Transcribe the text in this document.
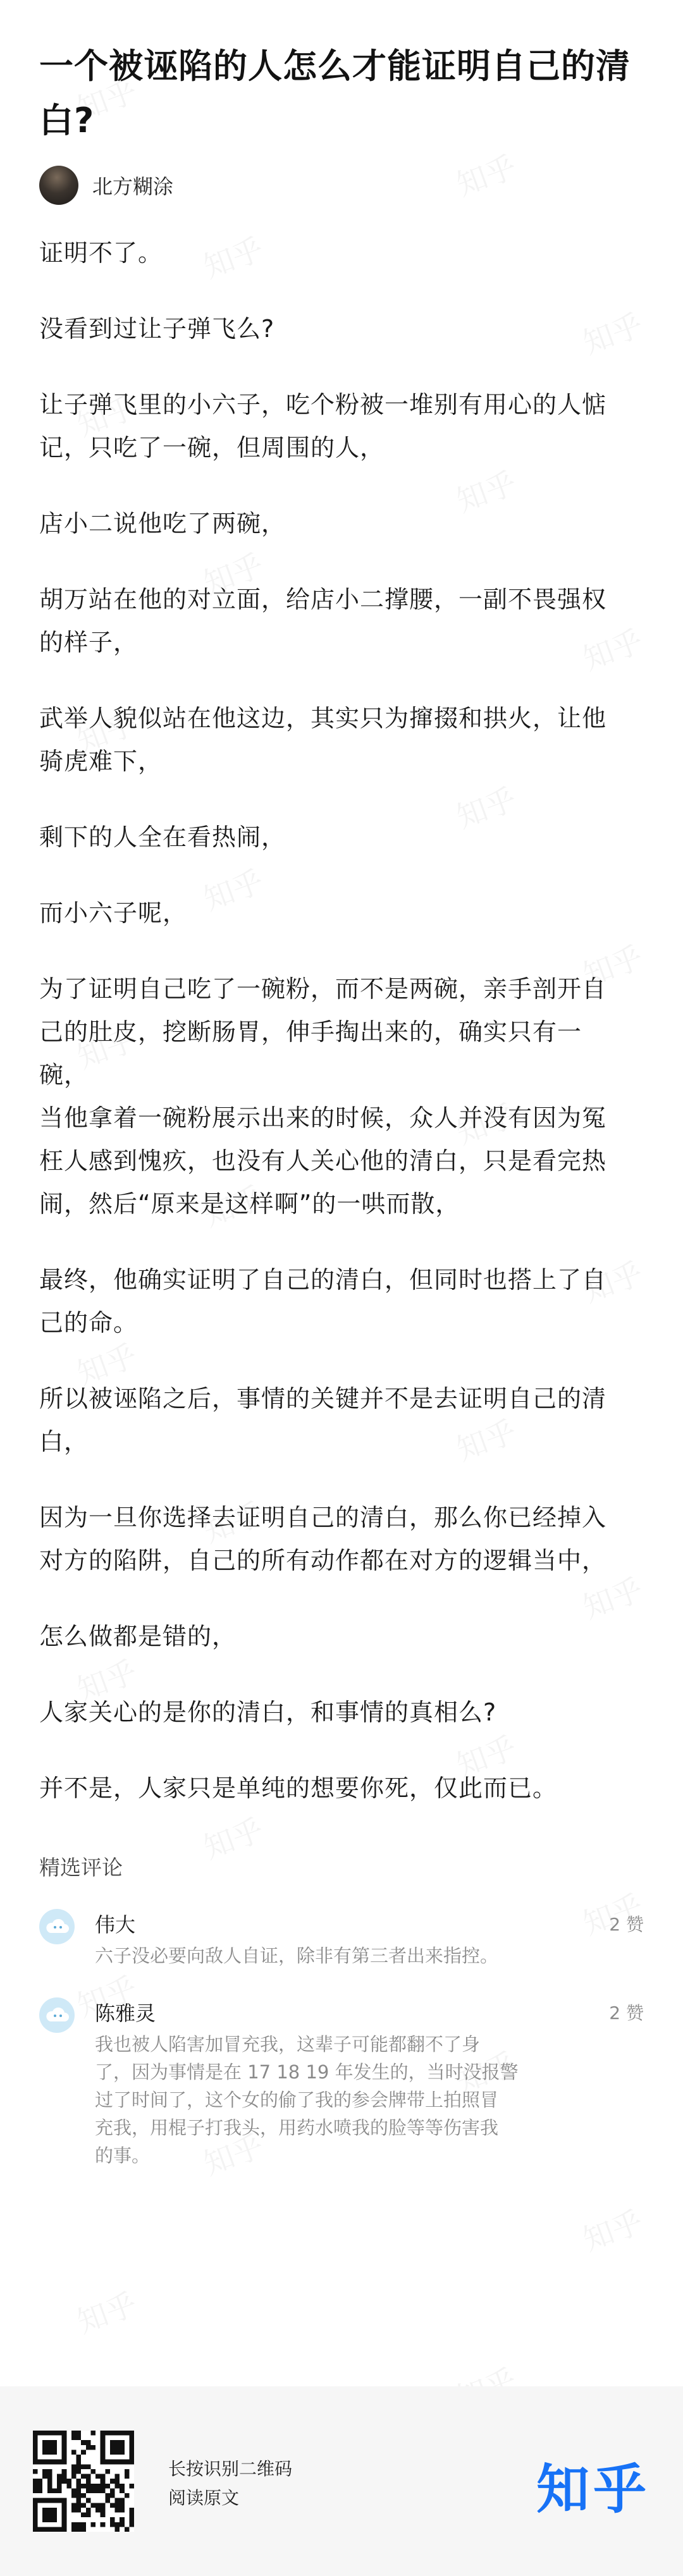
一个被诬陷的人怎么才能证明自己的清白?
北方糊涂

证明不了。

没看到过让子弹飞么?

让子弹飞里的小六子，吃个粉被一堆别有用心的人惦
记，只吃了一碗，但周围的人，

店小二说他吃了两碗，

胡万站在他的对立面，给店小二撑腰，一副不畏强权
的样子，

武举人貌似站在他这边，其实只为撺掇和拱火，让他
骑虎难下，

剩下的人全在看热闹，

而小六子呢，

为了证明自己吃了一碗粉，而不是两碗，亲手剖开自
己的肚皮，挖断肠胃，伸手掏出来的，确实只有一
碗，
当他拿着一碗粉展示出来的时候，众人并没有因为冤
枉人感到愧疚，也没有人关心他的清白，只是看完热
闹，然后“原来是这样啊”的一哄而散，

最终，他确实证明了自己的清白，但同时也搭上了自
己的命。

所以被诬陷之后，事情的关键并不是去证明自己的清
白，

因为一旦你选择去证明自己的清白，那么你已经掉入
对方的陷阱，自己的所有动作都在对方的逻辑当中，

怎么做都是错的，

人家关心的是你的清白，和事情的真相么?

并不是，人家只是单纯的想要你死，仅此而已。

精选评论
伟大	2 赞
六子没必要向敌人自证，除非有第三者出来指控。
陈雅灵	2 赞
我也被人陷害加冒充我，这辈子可能都翻不了身
了，因为事情是在 17 18 19 年发生的，当时没报警
过了时间了，这个女的偷了我的参会牌带上拍照冒
充我，用棍子打我头，用药水喷我的脸等等伤害我
的事。
长按识别二维码
阅读原文	知乎
